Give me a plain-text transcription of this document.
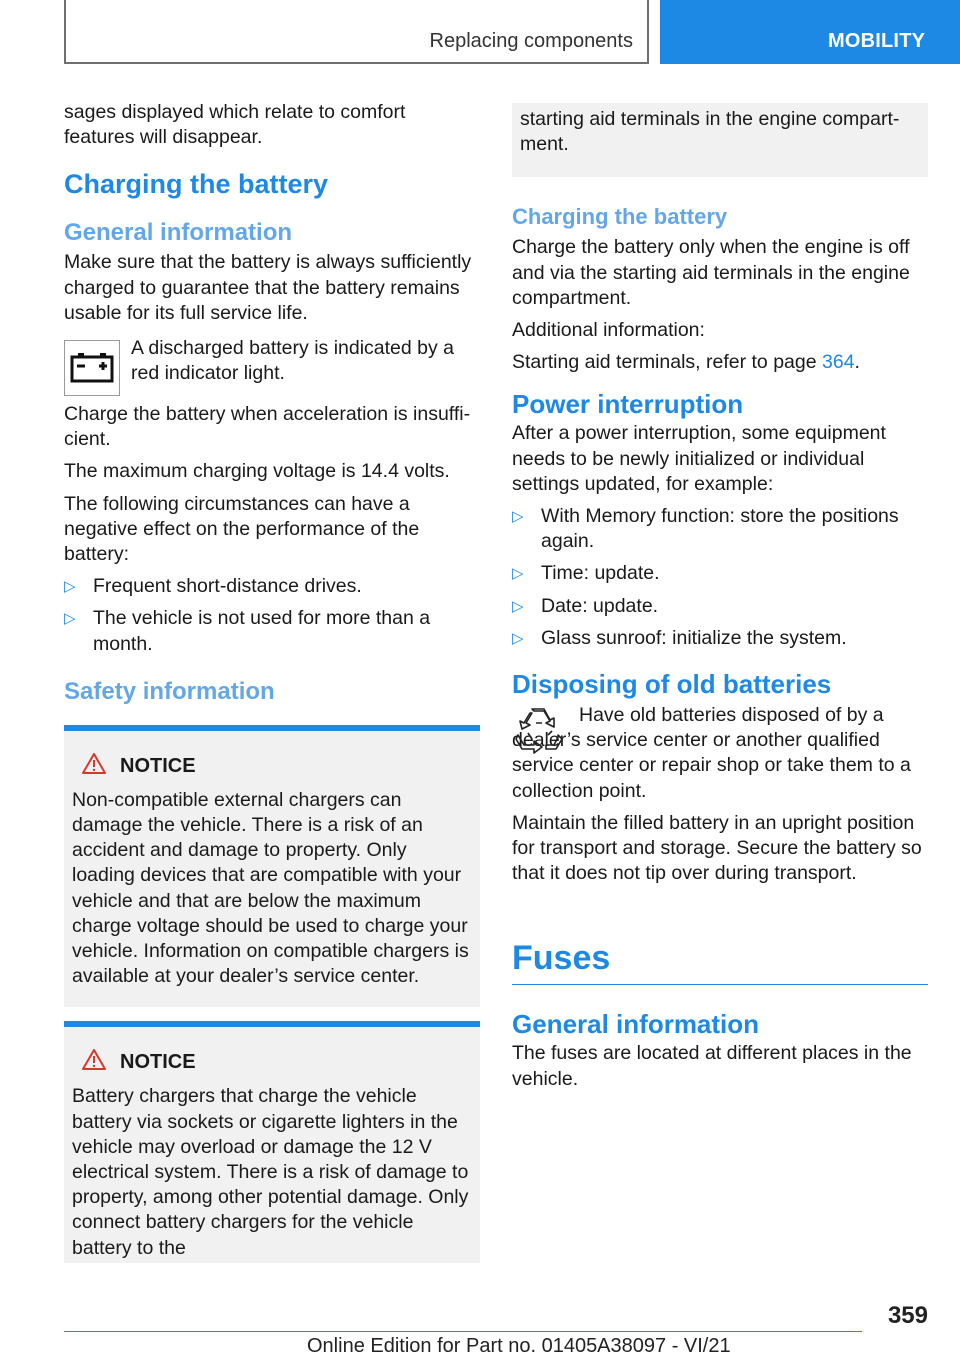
Replacing components	MOBILITY

sages displayed which relate to comfort features will disappear.

Charging the battery
General information

Make sure that the battery is always sufficiently charged to guarantee that the battery remains usable for its full service life.

A discharged battery is indicated by a red indicator light.

Charge the battery when acceleration is insufficient.

The maximum charging voltage is 14.4 volts.

The following circumstances can have a negative effect on the performance of the battery:

▷ Frequent short-distance drives.
▷ The vehicle is not used for more than a month.
Safety information
NOTICE

Non-compatible external chargers can damage the vehicle. There is a risk of an accident and damage to property. Only loading devices that are compatible with your vehicle and that are below the maximum charge voltage should be used to charge your vehicle. Information on compatible chargers is available at your dealer’s service center.

NOTICE

Battery chargers that charge the vehicle battery via sockets or cigarette lighters in the vehicle may overload or damage the 12 V electrical system. There is a risk of damage to property, among other potential damage. Only connect battery chargers for the vehicle battery to the

starting aid terminals in the engine compartment.

Charging the battery

Charge the battery only when the engine is off and via the starting aid terminals in the engine compartment.

Additional information:

Starting aid terminals, refer to page 364.

Power interruption

After a power interruption, some equipment needs to be newly initialized or individual settings updated, for example:

▷ With Memory function: store the positions again.
▷ Time: update.
▷ Date: update.
▷ Glass sunroof: initialize the system.
Disposing of old batteries

Have old batteries disposed of by a dealer’s service center or another qualified service center or repair shop or take them to a collection point.

Maintain the filled battery in an upright position for transport and storage. Secure the battery so that it does not tip over during transport.

Fuses
General information

The fuses are located at different places in the vehicle.

359
Online Edition for Part no. 01405A38097 - VI/21
